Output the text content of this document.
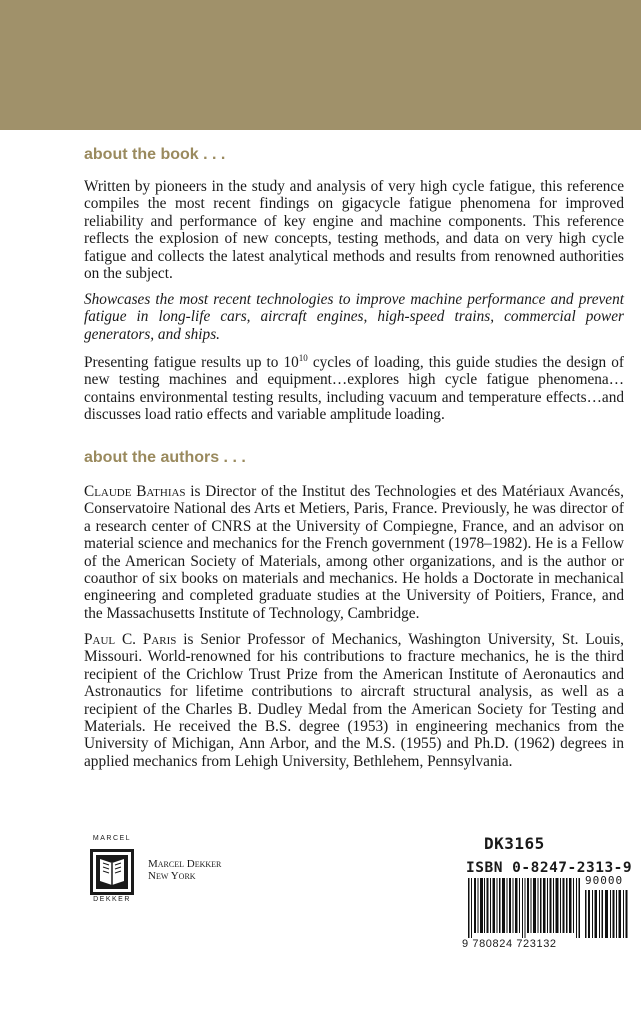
about the book . . .

Written by pioneers in the study and analysis of very high cycle fatigue, this reference compiles the most recent findings on gigacycle fatigue phenomena for improved reliability and performance of key engine and machine components. This reference reflects the explosion of new concepts, testing methods, and data on very high cycle fatigue and collects the latest analytical methods and results from renowned authorities on the subject.

Showcases the most recent technologies to improve machine performance and prevent fatigue in long-life cars, aircraft engines, high-speed trains, commercial power generators, and ships.

Presenting fatigue results up to $10^{10}$ cycles of loading, this guide studies the design of new testing machines and equipment…explores high cycle fatigue phenomena…contains environmental testing results, including vacuum and temperature effects…and discusses load ratio effects and variable amplitude loading.

about the authors . . .

Claude Bathias is Director of the Institut des Technologies et des Matériaux Avancés, Conservatoire National des Arts et Metiers, Paris, France. Previously, he was director of a research center of CNRS at the University of Compiegne, France, and an advisor on material science and mechanics for the French government (1978–1982). He is a Fellow of the American Society of Materials, among other organizations, and is the author or coauthor of six books on materials and mechanics. He holds a Doctorate in mechanical engineering and completed graduate studies at the University of Poitiers, France, and the Massachusetts Institute of Technology, Cambridge.

Paul C. Paris is Senior Professor of Mechanics, Washington University, St. Louis, Missouri. World-renowned for his contributions to fracture mechanics, he is the third recipient of the Crichlow Trust Prize from the American Institute of Aeronautics and Astronautics for lifetime contributions to aircraft structural analysis, as well as a recipient of the Charles B. Dudley Medal from the American Society for Testing and Materials. He received the B.S. degree (1953) in engineering mechanics from the University of Michigan, Ann Arbor, and the M.S. (1955) and Ph.D. (1962) degrees in applied mechanics from Lehigh University, Bethlehem, Pennsylvania.

MARCEL
DEKKER
Marcel Dekker
New York
DK3165
ISBN 0-8247-2313-9
90000
9 780824 723132
